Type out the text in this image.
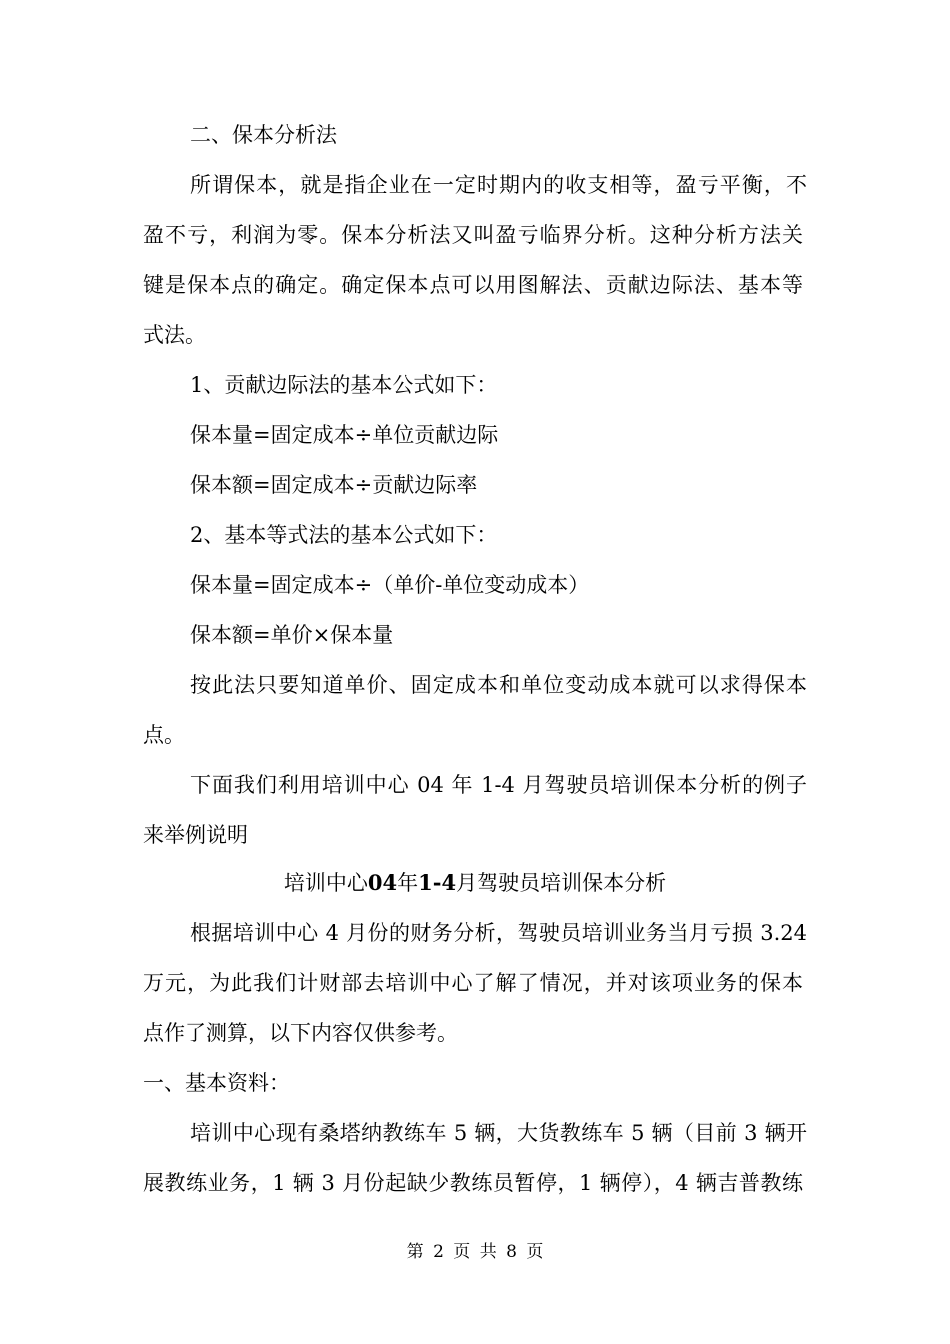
二、保本分析法

所谓保本，就是指企业在一定时期内的收支相等，盈亏平衡，不

盈不亏，利润为零。保本分析法又叫盈亏临界分析。这种分析方法关

键是保本点的确定。确定保本点可以用图解法、贡献边际法、基本等

式法。

1、贡献边际法的基本公式如下：

保本量=固定成本÷单位贡献边际

保本额=固定成本÷贡献边际率

2、基本等式法的基本公式如下：

保本量=固定成本÷（单价-单位变动成本）

保本额=单价×保本量

按此法只要知道单价、固定成本和单位变动成本就可以求得保本

点。

下面我们利用培训中心 04 年 1-4 月驾驶员培训保本分析的例子

来举例说明

培训中心04年1-4月驾驶员培训保本分析

根据培训中心 4 月份的财务分析，驾驶员培训业务当月亏损 3.24

万元，为此我们计财部去培训中心了解了情况，并对该项业务的保本

点作了测算，以下内容仅供参考。

一、基本资料：

培训中心现有桑塔纳教练车 5 辆，大货教练车 5 辆（目前 3 辆开

展教练业务，1 辆 3 月份起缺少教练员暂停，1 辆停），4 辆吉普教练

第 2 页 共 8 页
